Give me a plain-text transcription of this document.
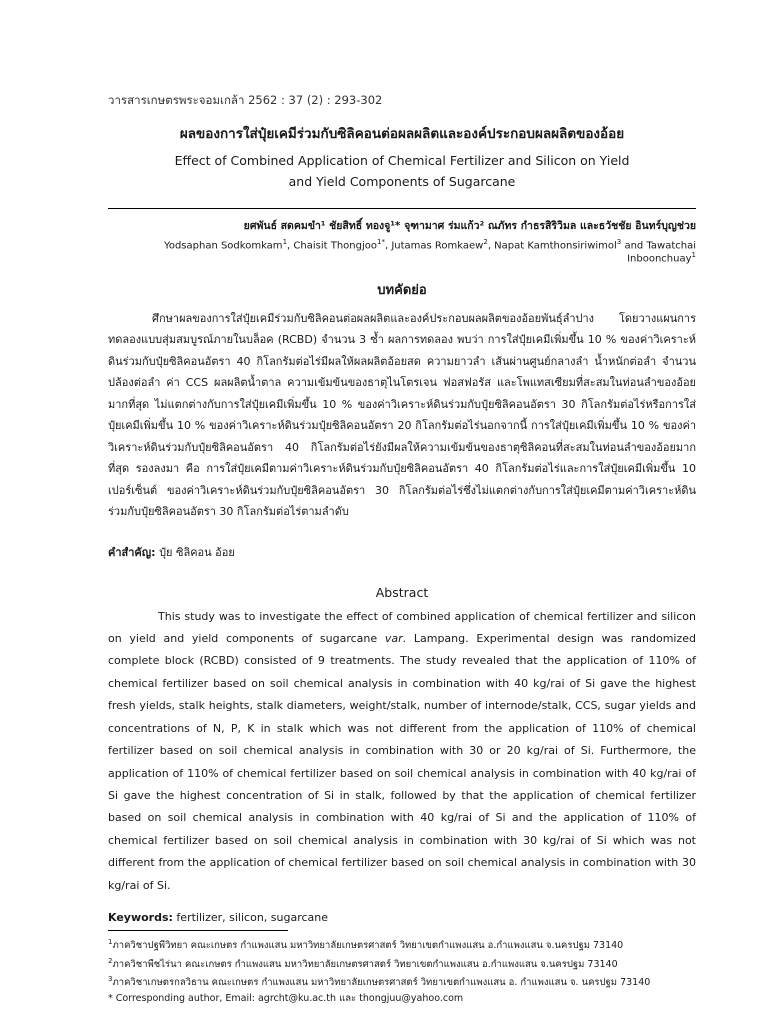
วารสารเกษตรพระจอมเกล้า 2562 : 37 (2) : 293-302

ผลของการใส่ปุ๋ยเคมีร่วมกับซิลิคอนต่อผลผลิตและองค์ประกอบผลผลิตของอ้อย

Effect of Combined Application of Chemical Fertilizer and Silicon on Yield

and Yield Components of Sugarcane

ยศพันธ์ สดคมขำ¹ ชัยสิทธิ์ ทองจู¹* จุฑามาศ ร่มแก้ว² ณภัทร กำธรสิริวิมล และธวัชชัย อินทร์บุญช่วย

Yodsaphan Sodkomkam$^1$, Chaisit Thongjoo$^{1*}$, Jutamas Romkaew$^2$, Napat Kamthonsiriwimol$^3$ and Tawatchai Inboonchuay$^1$

บทคัดย่อ

ศึกษาผลของการใส่ปุ๋ยเคมีร่วมกับซิลิคอนต่อผลผลิตและองค์ประกอบผลผลิตของอ้อยพันธุ์ลำปาง โดยวางแผนการทดลองแบบสุ่มสมบูรณ์ภายในบล็อค (RCBD) จำนวน 3 ซ้ำ ผลการทดลอง พบว่า การใส่ปุ๋ยเคมีเพิ่มขึ้น 10 % ของค่าวิเคราะห์ดินร่วมกับปุ๋ยซิลิคอนอัตรา 40 กิโลกรัมต่อไร่มีผลให้ผลผลิตอ้อยสด ความยาวลำ เส้นผ่านศูนย์กลางลำ น้ำหนักต่อลำ จำนวนปล้องต่อลำ ค่า CCS ผลผลิตน้ำตาล ความเข้มข้นของธาตุไนโตรเจน ฟอสฟอรัส และโพแทสเซียมที่สะสมในท่อนลำของอ้อยมากที่สุด ไม่แตกต่างกับการใส่ปุ๋ยเคมีเพิ่มขึ้น 10 % ของค่าวิเคราะห์ดินร่วมกับปุ๋ยซิลิคอนอัตรา 30 กิโลกรัมต่อไร่หรือการใส่ปุ๋ยเคมีเพิ่มขึ้น 10 % ของค่าวิเคราะห์ดินร่วมปุ๋ยซิลิคอนอัตรา 20 กิโลกรัมต่อไร่นอกจากนี้ การใส่ปุ๋ยเคมีเพิ่มขึ้น 10 % ของค่าวิเคราะห์ดินร่วมกับปุ๋ยซิลิคอนอัตรา 40 กิโลกรัมต่อไร่ยังมีผลให้ความเข้มข้นของธาตุซิลิคอนที่สะสมในท่อนลำของอ้อยมากที่สุด รองลงมา คือ การใส่ปุ๋ยเคมีตามค่าวิเคราะห์ดินร่วมกับปุ๋ยซิลิคอนอัตรา 40 กิโลกรัมต่อไร่และการใส่ปุ๋ยเคมีเพิ่มขึ้น 10 เปอร์เซ็นต์ ของค่าวิเคราะห์ดินร่วมกับปุ๋ยซิลิคอนอัตรา 30 กิโลกรัมต่อไร่ซึ่งไม่แตกต่างกับการใส่ปุ๋ยเคมีตามค่าวิเคราะห์ดินร่วมกับปุ๋ยซิลิคอนอัตรา 30 กิโลกรัมต่อไร่ตามลำดับ

คำสำคัญ: ปุ๋ย ซิลิคอน อ้อย

Abstract

This study was to investigate the effect of combined application of chemical fertilizer and silicon on yield and yield components of sugarcane var. Lampang. Experimental design was randomized complete block (RCBD) consisted of 9 treatments. The study revealed that the application of 110% of chemical fertilizer based on soil chemical analysis in combination with 40 kg/rai of Si gave the highest fresh yields, stalk heights, stalk diameters, weight/stalk, number of internode/stalk, CCS, sugar yields and concentrations of N, P, K in stalk which was not different from the application of 110% of chemical fertilizer based on soil chemical analysis in combination with 30 or 20 kg/rai of Si. Furthermore, the application of 110% of chemical fertilizer based on soil chemical analysis in combination with 40 kg/rai of Si gave the highest concentration of Si in stalk, followed by that the application of chemical fertilizer based on soil chemical analysis in combination with 40 kg/rai of Si and the application of 110% of chemical fertilizer based on soil chemical analysis in combination with 30 kg/rai of Si which was not different from the application of chemical fertilizer based on soil chemical analysis in combination with 30 kg/rai of Si.

Keywords: fertilizer, silicon, sugarcane

$^1$ภาควิชาปฐพีวิทยา คณะเกษตร กำแพงแสน มหาวิทยาลัยเกษตรศาสตร์ วิทยาเขตกำแพงแสน อ.กำแพงแสน จ.นครปฐม 73140

$^2$ภาควิชาพืชไร่นา คณะเกษตร กำแพงแสน มหาวิทยาลัยเกษตรศาสตร์ วิทยาเขตกำแพงแสน อ.กำแพงแสน จ.นครปฐม 73140

$^3$ภาควิชาเกษตรกลวิธาน คณะเกษตร กำแพงแสน มหาวิทยาลัยเกษตรศาสตร์ วิทยาเขตกำแพงแสน อ. กำแพงแสน จ. นครปฐม 73140

* Corresponding author, Email: agrcht@ku.ac.th และ thongjuu@yahoo.com
